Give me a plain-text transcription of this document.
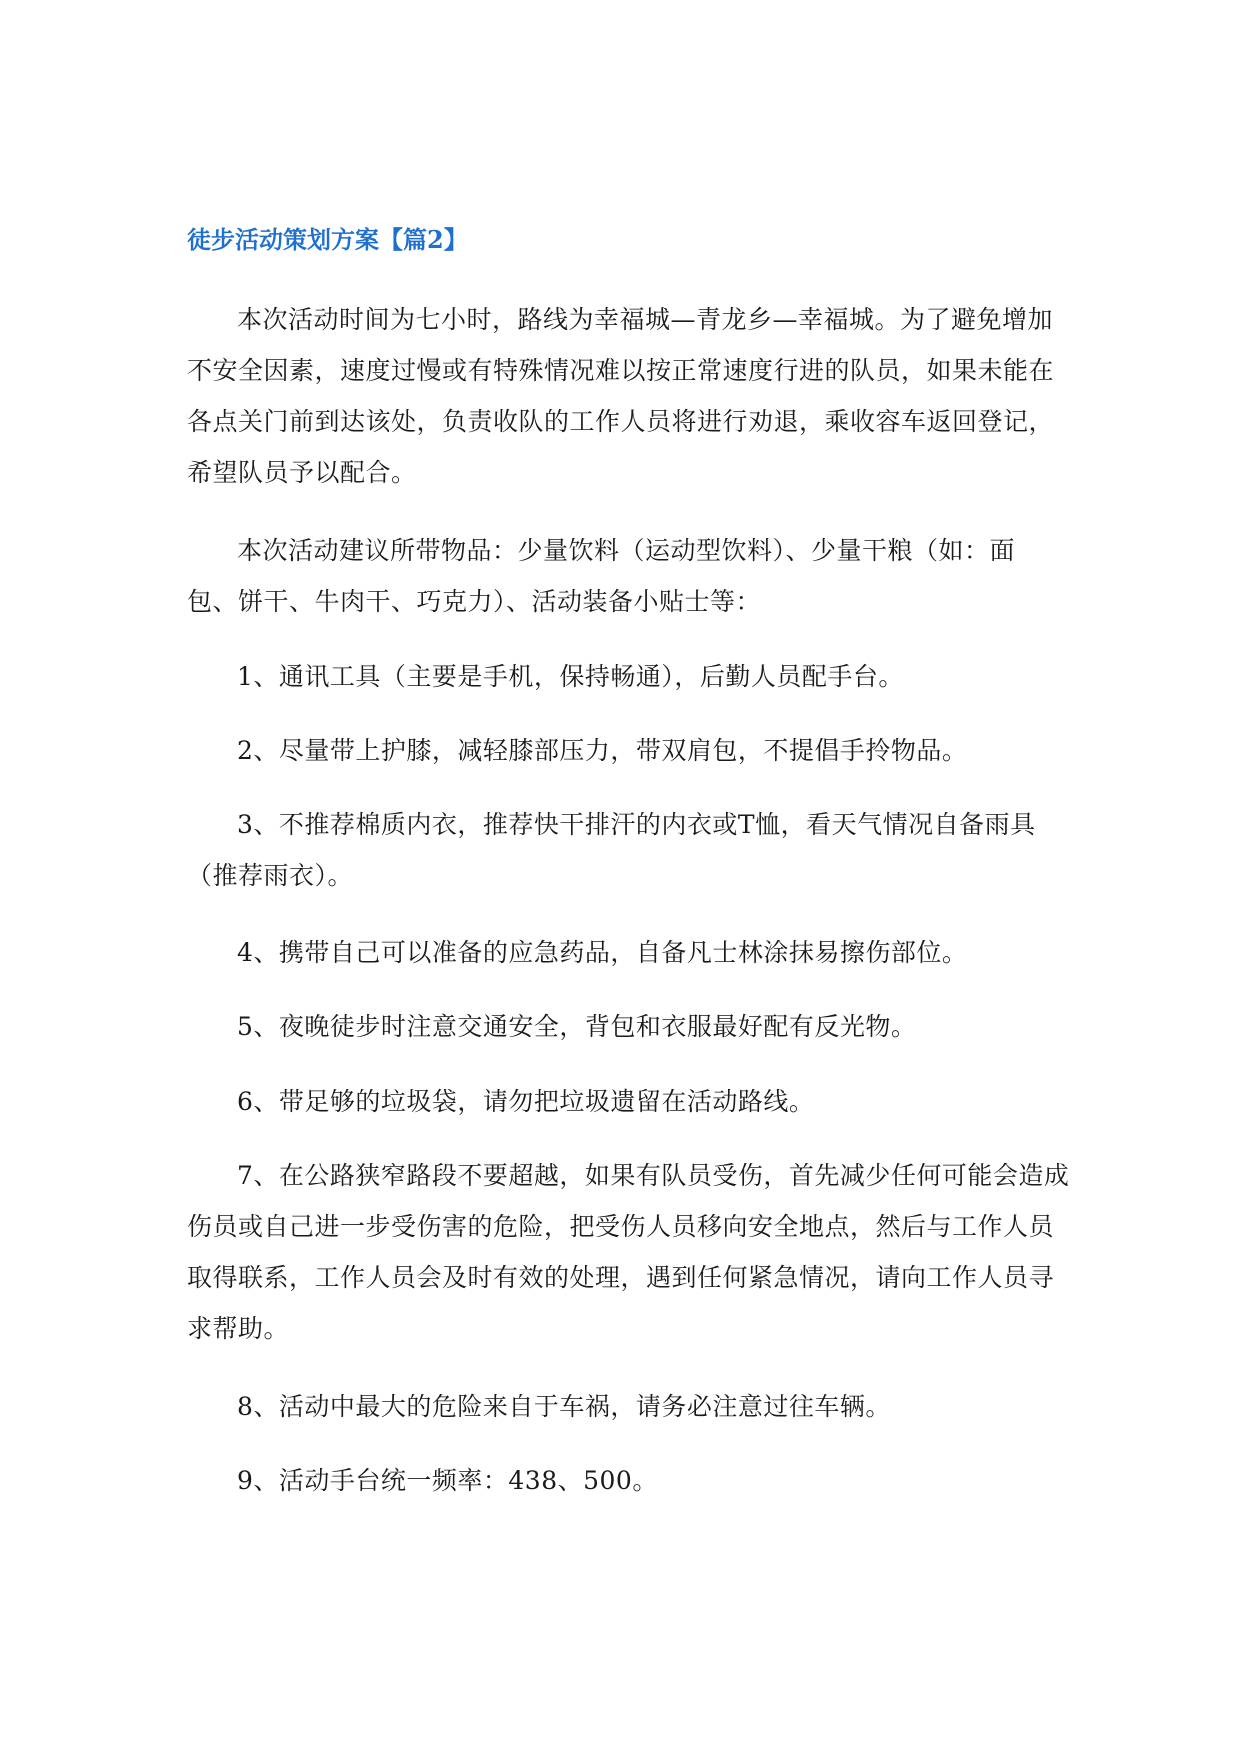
徒步活动策划方案【篇2】
本次活动时间为七小时，路线为幸福城—青龙乡—幸福城。为了避免增加
不安全因素，速度过慢或有特殊情况难以按正常速度行进的队员，如果未能在
各点关门前到达该处，负责收队的工作人员将进行劝退，乘收容车返回登记，
希望队员予以配合。
本次活动建议所带物品：少量饮料（运动型饮料）、少量干粮（如：面
包、饼干、牛肉干、巧克力）、活动装备小贴士等：
1、通讯工具（主要是手机，保持畅通），后勤人员配手台。
2、尽量带上护膝，减轻膝部压力，带双肩包，不提倡手拎物品。
3、不推荐棉质内衣，推荐快干排汗的内衣或T恤，看天气情况自备雨具
（推荐雨衣）。
4、携带自己可以准备的应急药品，自备凡士林涂抹易擦伤部位。
5、夜晚徒步时注意交通安全，背包和衣服最好配有反光物。
6、带足够的垃圾袋，请勿把垃圾遗留在活动路线。
7、在公路狭窄路段不要超越，如果有队员受伤，首先减少任何可能会造成
伤员或自己进一步受伤害的危险，把受伤人员移向安全地点，然后与工作人员
取得联系，工作人员会及时有效的处理，遇到任何紧急情况，请向工作人员寻
求帮助。
8、活动中最大的危险来自于车祸，请务必注意过往车辆。
9、活动手台统一频率：438、500。
